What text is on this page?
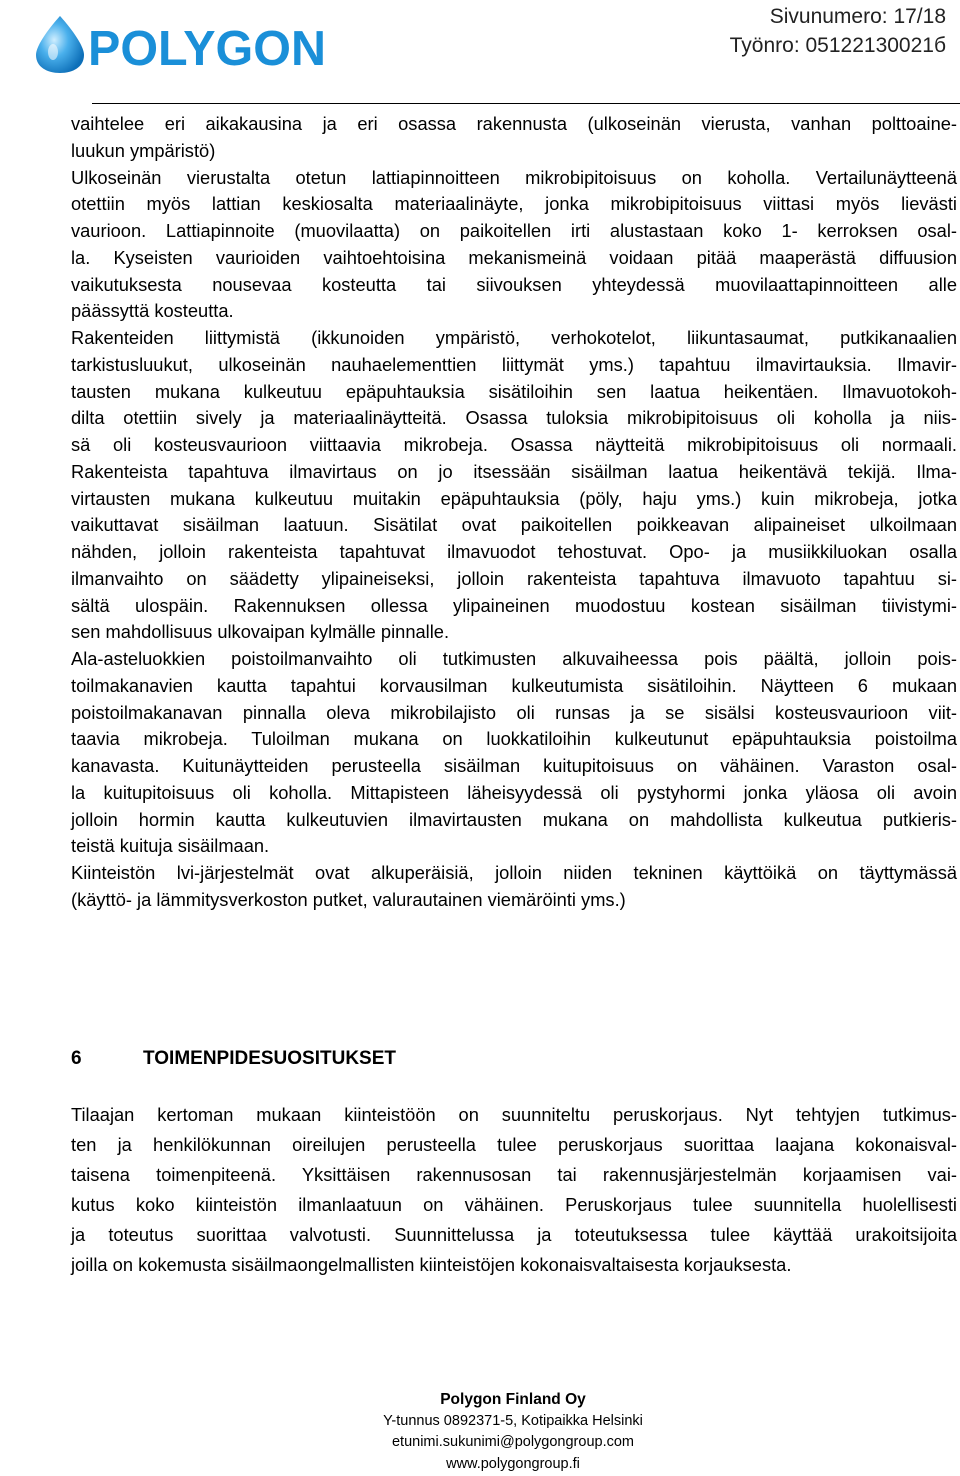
POLYGON
Sivunumero: 17/18
Työnro: 05122130021б
vaihtelee eri aikakausina ja eri osassa rakennusta (ulkoseinän vierusta, vanhan polttoaine-
luukun ympäristö)
Ulkoseinän vierustalta otetun lattiapinnoitteen mikrobipitoisuus on koholla. Vertailunäytteenä
otettiin myös lattian keskiosalta materiaalinäyte, jonka mikrobipitoisuus viittasi myös lievästi
vaurioon. Lattiapinnoite (muovilaatta) on paikoitellen irti alustastaan koko 1- kerroksen osal-
la. Kyseisten vaurioiden vaihtoehtoisina mekanismeinä voidaan pitää maaperästä diffuusion
vaikutuksesta nousevaa kosteutta tai siivouksen yhteydessä muovilaattapinnoitteen alle
päässyttä kosteutta.
Rakenteiden liittymistä (ikkunoiden ympäristö, verhokotelot, liikuntasaumat, putkikanaalien
tarkistusluukut, ulkoseinän nauhaelementtien liittymät yms.) tapahtuu ilmavirtauksia. Ilmavir-
tausten mukana kulkeutuu epäpuhtauksia sisätiloihin sen laatua heikentäen. Ilmavuotokoh-
dilta otettiin sively ja materiaalinäytteitä. Osassa tuloksia mikrobipitoisuus oli koholla ja niis-
sä oli kosteusvaurioon viittaavia mikrobeja. Osassa näytteitä mikrobipitoisuus oli normaali.
Rakenteista tapahtuva ilmavirtaus on jo itsessään sisäilman laatua heikentävä tekijä. Ilma-
virtausten mukana kulkeutuu muitakin epäpuhtauksia (pöly, haju yms.) kuin mikrobeja, jotka
vaikuttavat sisäilman laatuun. Sisätilat ovat paikoitellen poikkeavan alipaineiset ulkoilmaan
nähden, jolloin rakenteista tapahtuvat ilmavuodot tehostuvat. Opo- ja musiikkiluokan osalla
ilmanvaihto on säädetty ylipaineiseksi, jolloin rakenteista tapahtuva ilmavuoto tapahtuu si-
sältä ulospäin. Rakennuksen ollessa ylipaineinen muodostuu kostean sisäilman tiivistymi-
sen mahdollisuus ulkovaipan kylmälle pinnalle.
Ala-asteluokkien poistoilmanvaihto oli tutkimusten alkuvaiheessa pois päältä, jolloin pois-
toilmakanavien kautta tapahtui korvausilman kulkeutumista sisätiloihin. Näytteen 6 mukaan
poistoilmakanavan pinnalla oleva mikrobilajisto oli runsas ja se sisälsi kosteusvaurioon viit-
taavia mikrobeja. Tuloilman mukana on luokkatiloihin kulkeutunut epäpuhtauksia poistoilma
kanavasta. Kuitunäytteiden perusteella sisäilman kuitupitoisuus on vähäinen. Varaston osal-
la kuitupitoisuus oli koholla. Mittapisteen läheisyydessä oli pystyhormi jonka yläosa oli avoin
jolloin hormin kautta kulkeutuvien ilmavirtausten mukana on mahdollista kulkeutua putkieris-
teistä kuituja sisäilmaan.
Kiinteistön lvi-järjestelmät ovat alkuperäisiä, jolloin niiden tekninen käyttöikä on täyttymässä
(käyttö- ja lämmitysverkoston putket, valurautainen viemäröinti yms.)
6	TOIMENPIDESUOSITUKSET
Tilaajan kertoman mukaan kiinteistöön on suunniteltu peruskorjaus. Nyt tehtyjen tutkimus-
ten ja henkilökunnan oireilujen perusteella tulee peruskorjaus suorittaa laajana kokonaisval-
taisena toimenpiteenä. Yksittäisen rakennusosan tai rakennusjärjestelmän korjaamisen vai-
kutus koko kiinteistön ilmanlaatuun on vähäinen. Peruskorjaus tulee suunnitella huolellisesti
ja toteutus suorittaa valvotusti. Suunnittelussa ja toteutuksessa tulee käyttää urakoitsijoita
joilla on kokemusta sisäilmaongelmallisten kiinteistöjen kokonaisvaltaisesta korjauksesta.
Polygon Finland Oy
Y-tunnus 0892371-5, Kotipaikka Helsinki
etunimi.sukunimi@polygongroup.com
www.polygongroup.fi
